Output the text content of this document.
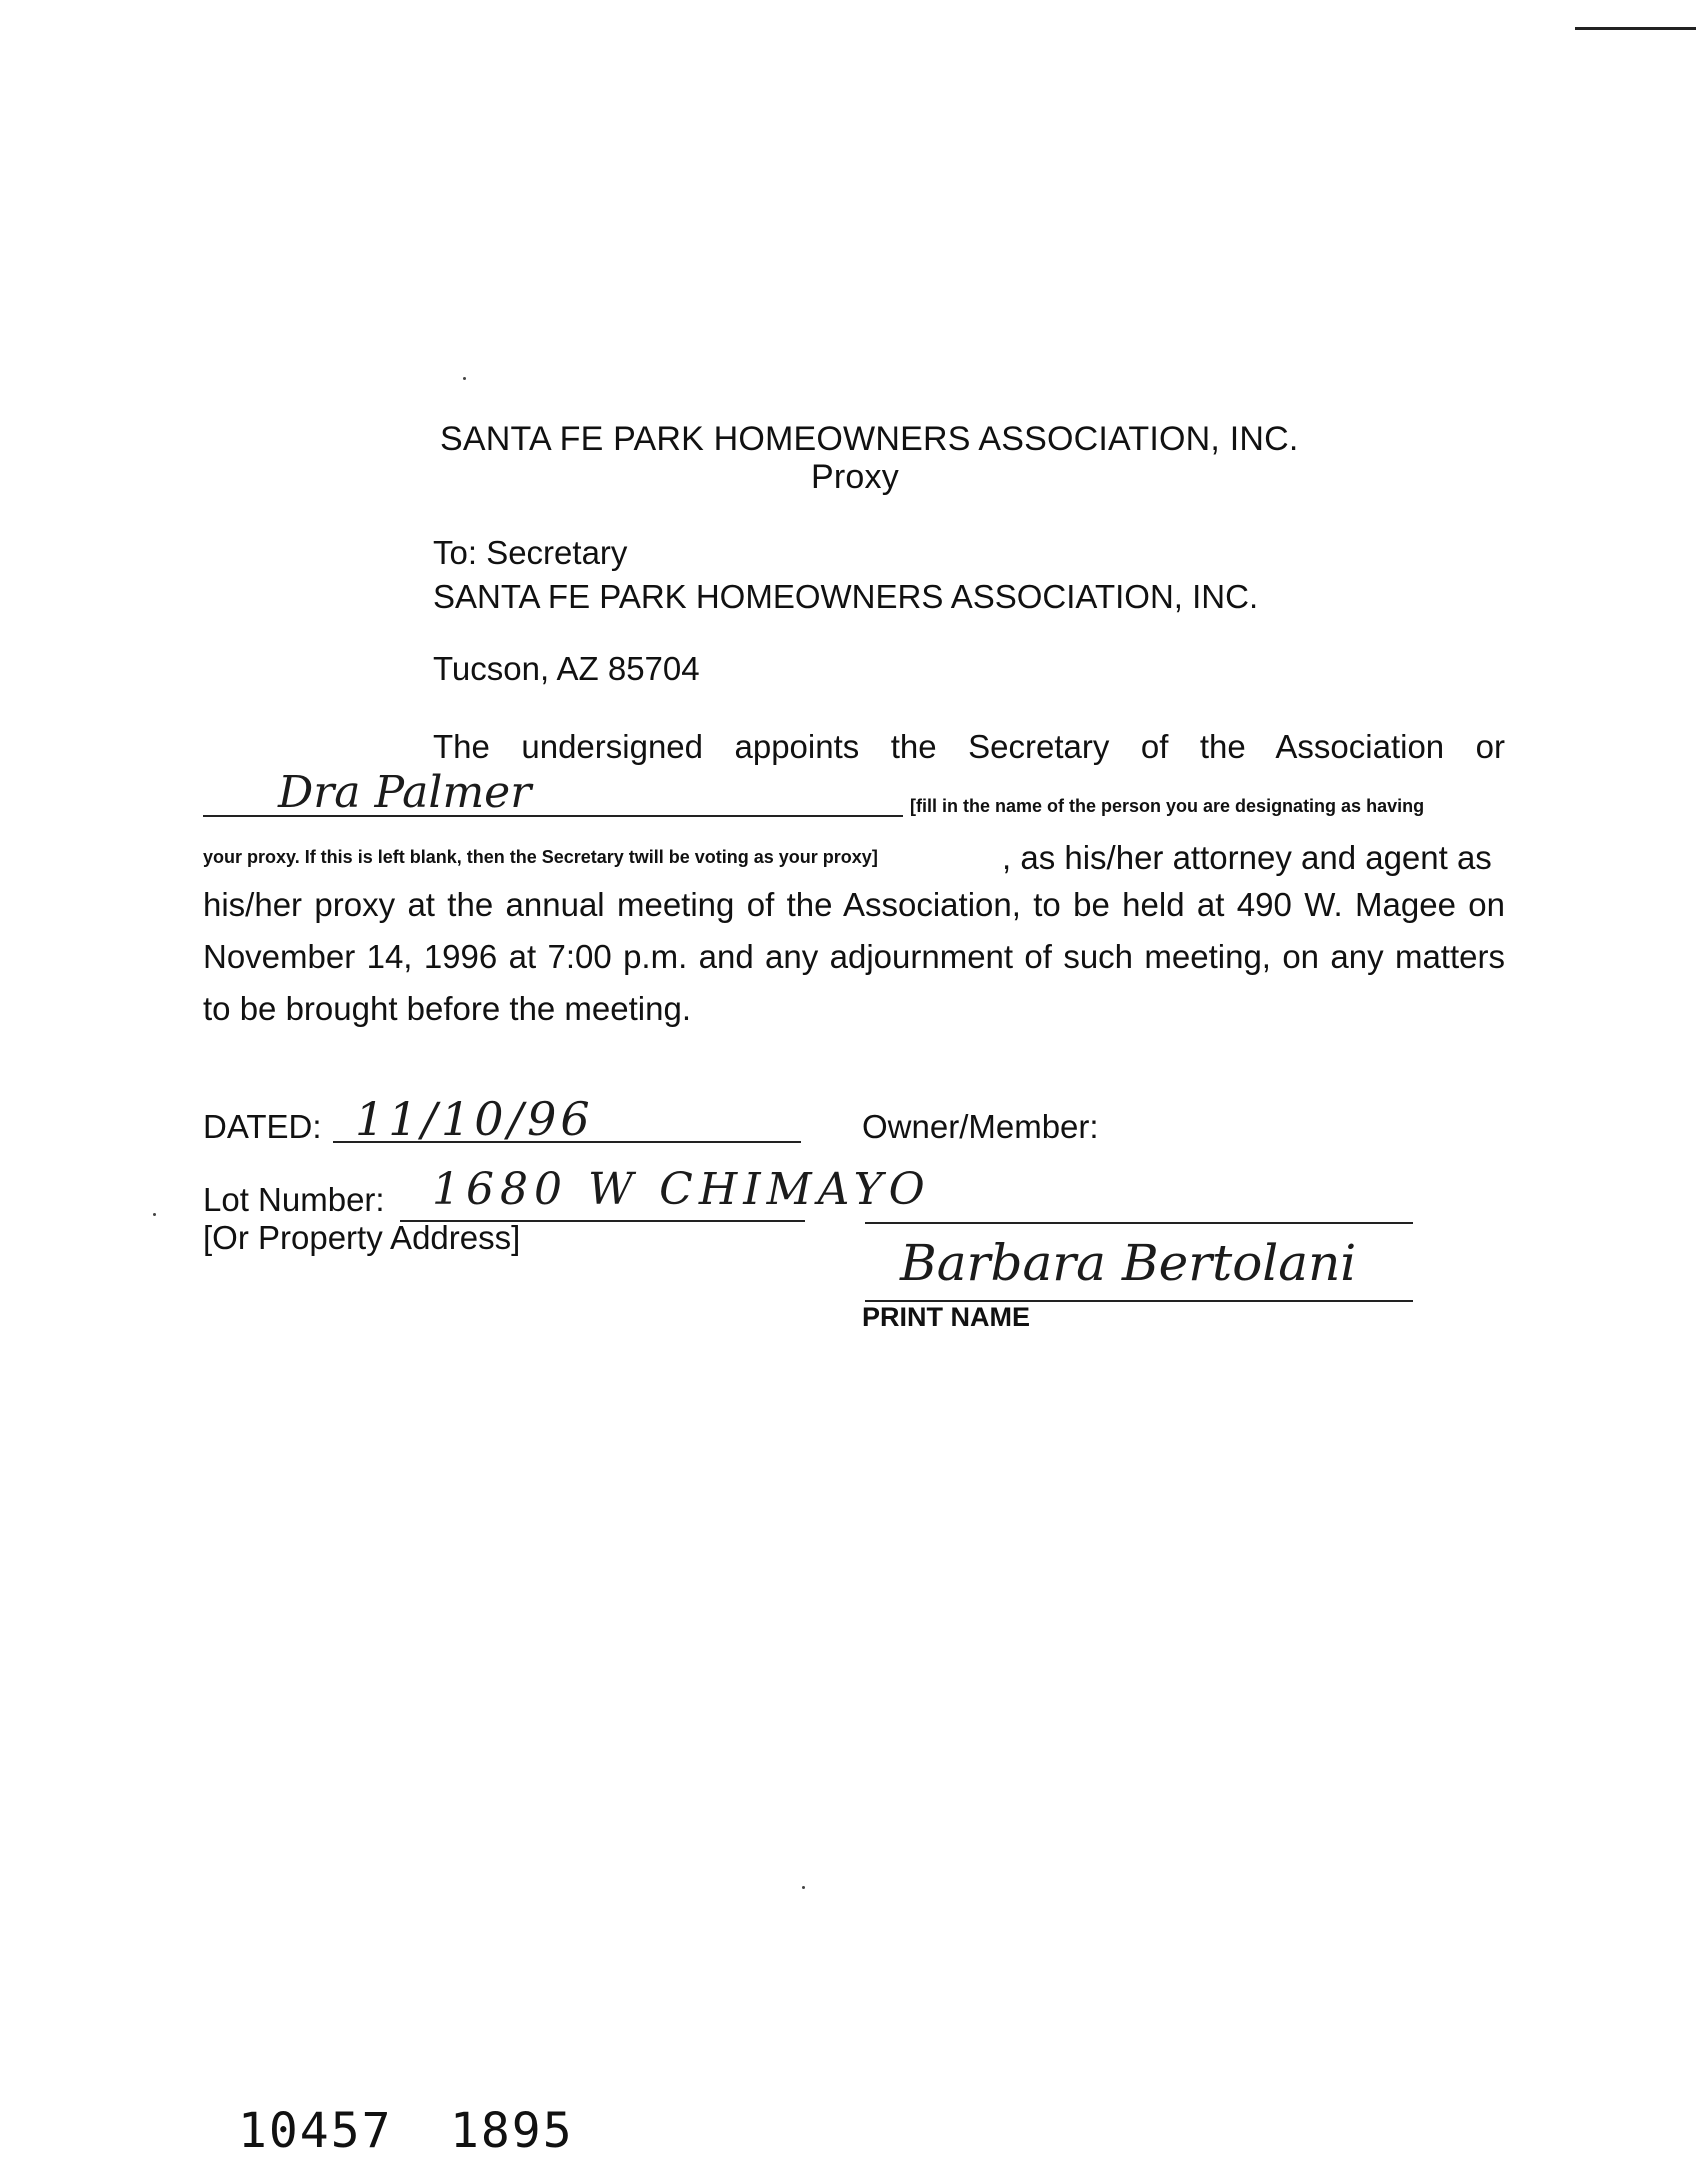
SANTA FE PARK HOMEOWNERS ASSOCIATION, INC.
Proxy
To: Secretary
SANTA FE PARK HOMEOWNERS ASSOCIATION, INC.
Tucson, AZ 85704
The undersigned appoints the Secretary of the Association or
Dra Palmer	[fill in the name of the person you are designating as having
your proxy. If this is left blank, then the Secretary twill be voting as your proxy]	, as his/her attorney and agent as
his/her proxy at the annual meeting of the Association, to be held at 490 W. Magee on
November 14, 1996 at 7:00 p.m. and any adjournment of such meeting, on any matters
to be brought before the meeting.
DATED: 11/10/96	Owner/Member:
Lot Number: 1680 W CHIMAYO
[Or Property Address]	Barbara Bertolani
PRINT NAME
10457 1895
